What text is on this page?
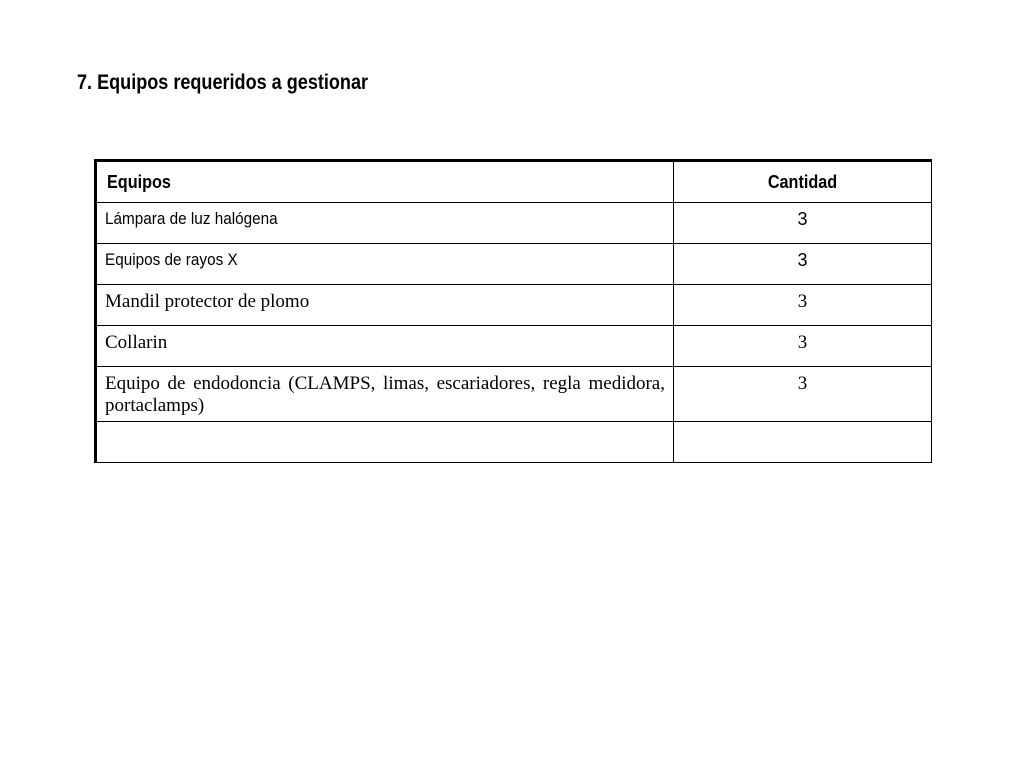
7. Equipos requeridos a gestionar
Equipos	Cantidad
Lámpara de luz halógena	3
Equipos de rayos X	3
Mandil protector de plomo	3
Collarin	3
Equipo de endodoncia (CLAMPS, limas, escariadores, regla medidora, portaclamps)	3
